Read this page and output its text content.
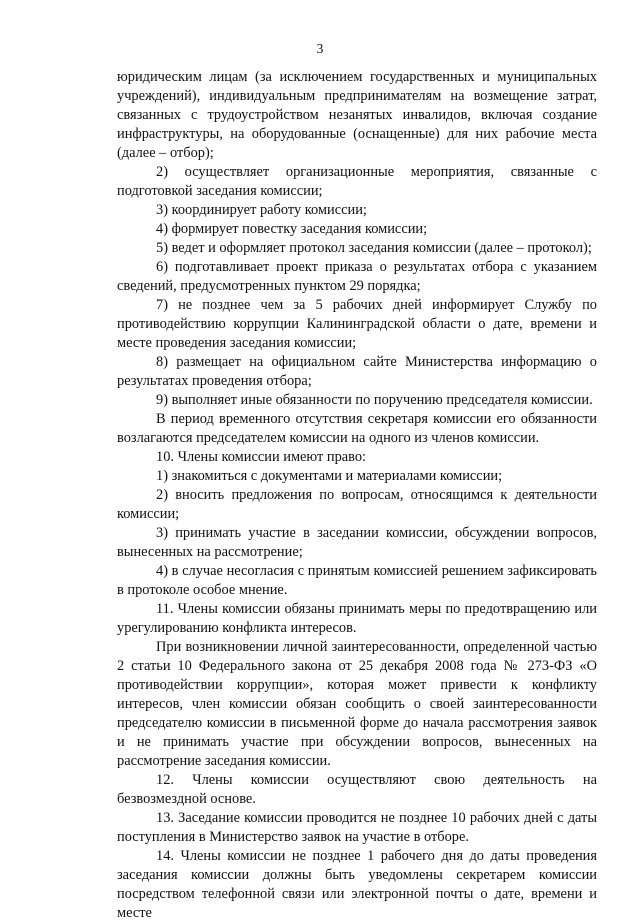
3

юридическим лицам (за исключением государственных и муниципальных учреждений), индивидуальным предпринимателям на возмещение затрат, связанных с трудоустройством незанятых инвалидов, включая создание инфраструктуры, на оборудованные (оснащенные) для них рабочие места (далее – отбор);

2) осуществляет организационные мероприятия, связанные с подготовкой заседания комиссии;

3) координирует работу комиссии;

4) формирует повестку заседания комиссии;

5) ведет и оформляет протокол заседания комиссии (далее – протокол);

6) подготавливает проект приказа о результатах отбора с указанием сведений, предусмотренных пунктом 29 порядка;

7) не позднее чем за 5 рабочих дней информирует Службу по противодействию коррупции Калининградской области о дате, времени и месте проведения заседания комиссии;

8) размещает на официальном сайте Министерства информацию о результатах проведения отбора;

9) выполняет иные обязанности по поручению председателя комиссии.

В период временного отсутствия секретаря комиссии его обязанности возлагаются председателем комиссии на одного из членов комиссии.

10. Члены комиссии имеют право:

1) знакомиться с документами и материалами комиссии;

2) вносить предложения по вопросам, относящимся к деятельности комиссии;

3) принимать участие в заседании комиссии, обсуждении вопросов, вынесенных на рассмотрение;

4) в случае несогласия с принятым комиссией решением зафиксировать в протоколе особое мнение.

11. Члены комиссии обязаны принимать меры по предотвращению или урегулированию конфликта интересов.

При возникновении личной заинтересованности, определенной частью 2 статьи 10 Федерального закона от 25 декабря 2008 года № 273-ФЗ «О противодействии коррупции», которая может привести к конфликту интересов, член комиссии обязан сообщить о своей заинтересованности председателю комиссии в письменной форме до начала рассмотрения заявок и не принимать участие при обсуждении вопросов, вынесенных на рассмотрение заседания комиссии.

12. Члены комиссии осуществляют свою деятельность на безвозмездной основе.

13. Заседание комиссии проводится не позднее 10 рабочих дней с даты поступления в Министерство заявок на участие в отборе.

14. Члены комиссии не позднее 1 рабочего дня до даты проведения заседания комиссии должны быть уведомлены секретарем комиссии посредством телефонной связи или электронной почты о дате, времени и месте
